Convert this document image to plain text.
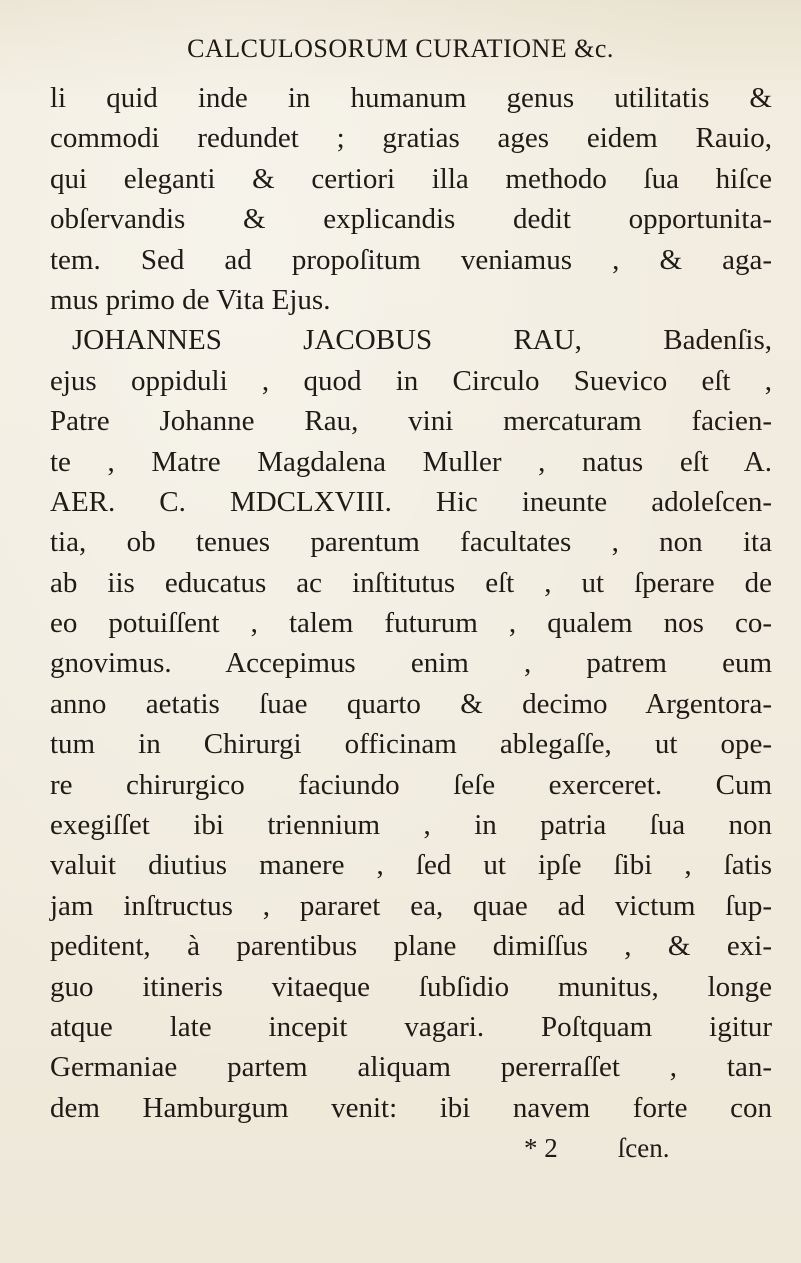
CALCULOSORUM CURATIONE &c.
li quid inde in humanum genus utilitatis &
commodi redundet ; gratias ages eidem Rauio,
qui eleganti & certiori illa methodo ſua hiſce
obſervandis & explicandis dedit opportunita-
tem. Sed ad propoſitum veniamus , & aga-
mus primo de Vita Ejus.
JOHANNES JACOBUS RAU, Badenſis,
ejus oppiduli , quod in Circulo Suevico eſt ,
Patre Johanne Rau, vini mercaturam facien-
te , Matre Magdalena Muller , natus eſt A.
AER. C. MDCLXVIII. Hic ineunte adoleſcen-
tia, ob tenues parentum facultates , non ita
ab iis educatus ac inſtitutus eſt , ut ſperare de
eo potuiſſent , talem futurum , qualem nos co-
gnovimus. Accepimus enim , patrem eum
anno aetatis ſuae quarto & decimo Argentora-
tum in Chirurgi officinam ablegaſſe, ut ope-
re chirurgico faciundo ſeſe exerceret. Cum
exegiſſet ibi triennium , in patria ſua non
valuit diutius manere , ſed ut ipſe ſibi , ſatis
jam inſtructus , pararet ea, quae ad victum ſup-
peditent, à parentibus plane dimiſſus , & exi-
guo itineris vitaeque ſubſidio munitus, longe
atque late incepit vagari. Poſtquam igitur
Germaniae partem aliquam pererraſſet , tan-
dem Hamburgum venit: ibi navem forte con
* 2 ſcen.
